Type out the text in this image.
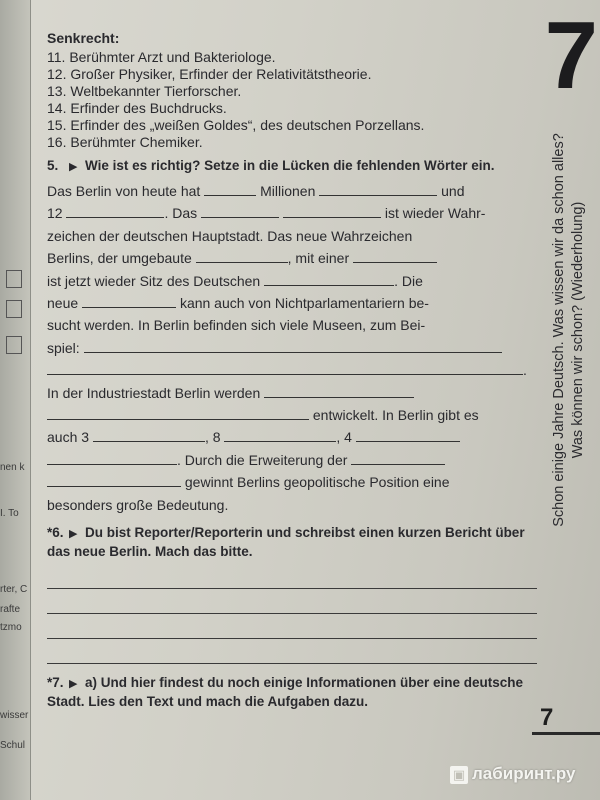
nen k
I. To
rter, C
rafte
tzmo
wisser
Schul
Senkrecht:
11. Berühmter Arzt und Bakteriologe.
12. Großer Physiker, Erfinder der Relativitätstheorie.
13. Weltbekannter Tierforscher.
14. Erfinder des Buchdrucks.
15. Erfinder des „weißen Goldes“, des deutschen Porzellans.
16. Berühmter Chemiker.
5. ▶ Wie ist es richtig? Setze in die Lücken die fehlenden Wörter ein.
Das Berlin von heute hat	Millionen	und
12	. Das	ist wieder Wahr-
zeichen der deutschen Hauptstadt. Das neue Wahrzeichen
Berlins, der umgebaute	, mit einer
ist jetzt wieder Sitz des Deutschen	. Die
neue	kann auch von Nichtparlamentariern be-
sucht werden. In Berlin befinden sich viele Museen, zum Bei-
spiel:
.
In der Industriestadt Berlin werden
entwickelt. In Berlin gibt es
auch 3	, 8	, 4
. Durch die Erweiterung der
gewinnt Berlins geopolitische Position eine
besonders große Bedeutung.
*6. ▶ Du bist Reporter/Reporterin und schreibst einen kurzen Bericht über das neue Berlin. Mach das bitte.
*7. ▶ a) Und hier findest du noch einige Informationen über eine deutsche Stadt. Lies den Text und mach die Aufgaben dazu.
7
Schon einige Jahre Deutsch. Was wissen wir da schon alles? Was können wir schon? (Wiederholung)
7
▣ лабиринт.ру
